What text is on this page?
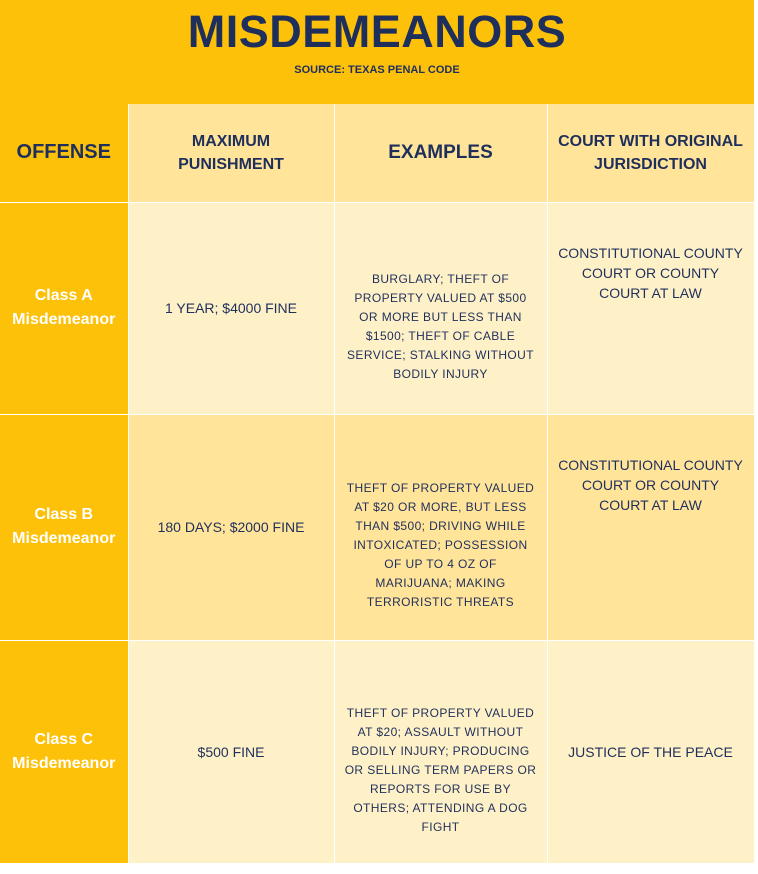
MISDEMEANORS
SOURCE: TEXAS PENAL CODE
OFFENSE	MAXIMUM PUNISHMENT	EXAMPLES	COURT WITH ORIGINAL JURISDICTION
Class A Misdemeanor	1 YEAR; $4000 FINE	BURGLARY; THEFT OF PROPERTY VALUED AT $500 OR MORE BUT LESS THAN $1500; THEFT OF CABLE SERVICE; STALKING WITHOUT BODILY INJURY	CONSTITUTIONAL COUNTY COURT OR COUNTY COURT AT LAW

Class B Misdemeanor	180 DAYS; $2000 FINE	THEFT OF PROPERTY VALUED AT $20 OR MORE, BUT LESS THAN $500; DRIVING WHILE INTOXICATED; POSSESSION OF UP TO 4 OZ OF MARIJUANA; MAKING TERRORISTIC THREATS	CONSTITUTIONAL COUNTY COURT OR COUNTY COURT AT LAW

Class C Misdemeanor	$500 FINE	THEFT OF PROPERTY VALUED AT $20; ASSAULT WITHOUT BODILY INJURY; PRODUCING OR SELLING TERM PAPERS OR REPORTS FOR USE BY OTHERS; ATTENDING A DOG FIGHT	JUSTICE OF THE PEACE
